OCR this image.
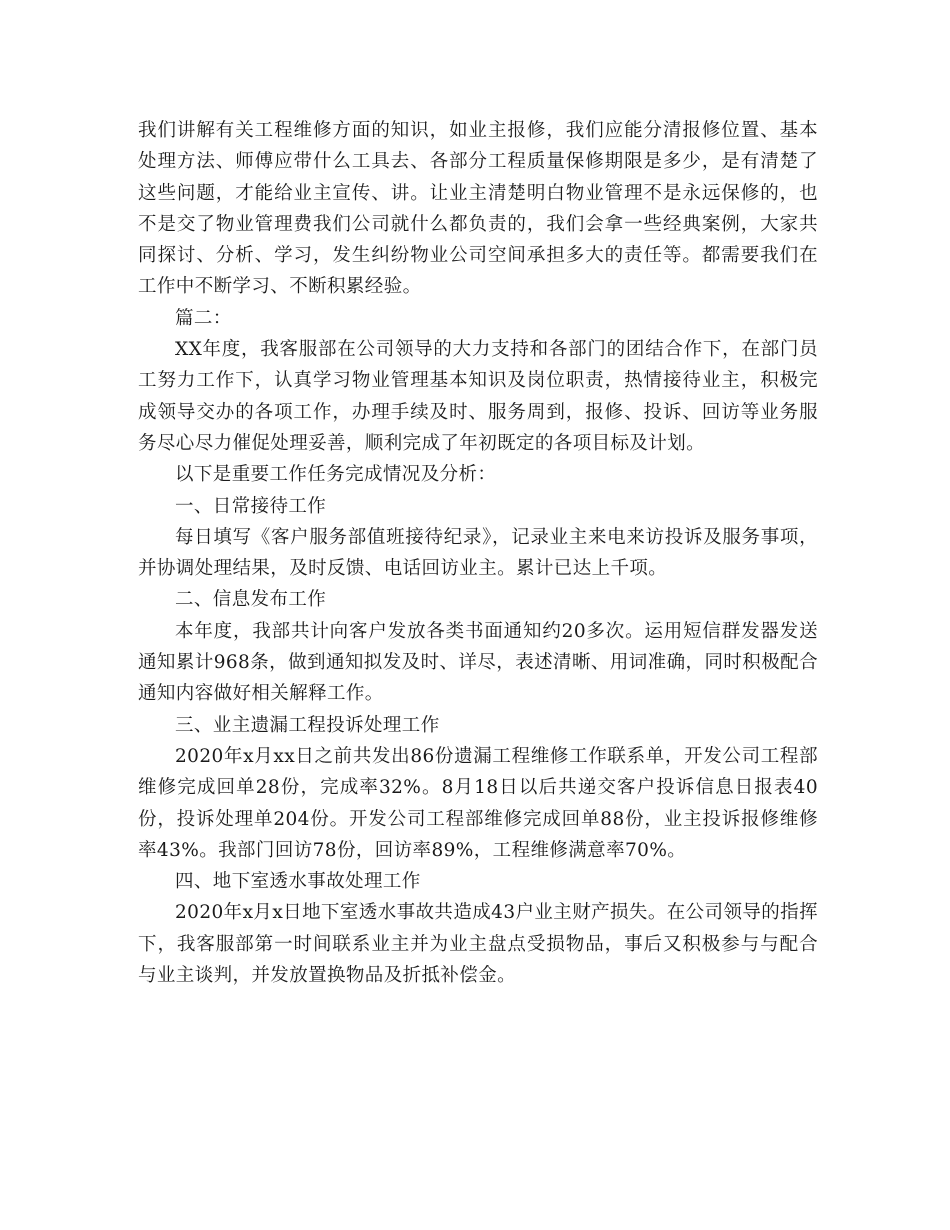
我们讲解有关工程维修方面的知识，如业主报修，我们应能分清报修位置、基本处理方法、师傅应带什么工具去、各部分工程质量保修期限是多少，是有清楚了这些问题，才能给业主宣传、讲。让业主清楚明白物业管理不是永远保修的，也不是交了物业管理费我们公司就什么都负责的，我们会拿一些经典案例，大家共同探讨、分析、学习，发生纠纷物业公司空间承担多大的责任等。都需要我们在工作中不断学习、不断积累经验。

篇二：

XX年度，我客服部在公司领导的大力支持和各部门的团结合作下，在部门员工努力工作下，认真学习物业管理基本知识及岗位职责，热情接待业主，积极完成领导交办的各项工作，办理手续及时、服务周到，报修、投诉、回访等业务服务尽心尽力催促处理妥善，顺利完成了年初既定的各项目标及计划。

以下是重要工作任务完成情况及分析：

一、日常接待工作

每日填写《客户服务部值班接待纪录》，记录业主来电来访投诉及服务事项，并协调处理结果，及时反馈、电话回访业主。累计已达上千项。

二、信息发布工作

本年度，我部共计向客户发放各类书面通知约20多次。运用短信群发器发送通知累计968条，做到通知拟发及时、详尽，表述清晰、用词准确，同时积极配合通知内容做好相关解释工作。

三、业主遗漏工程投诉处理工作

2020年x月xx日之前共发出86份遗漏工程维修工作联系单，开发公司工程部维修完成回单28份，完成率32%。8月18日以后共递交客户投诉信息日报表40份，投诉处理单204份。开发公司工程部维修完成回单88份，业主投诉报修维修率43%。我部门回访78份，回访率89%，工程维修满意率70%。

四、地下室透水事故处理工作

2020年x月x日地下室透水事故共造成43户业主财产损失。在公司领导的指挥下，我客服部第一时间联系业主并为业主盘点受损物品，事后又积极参与与配合与业主谈判，并发放置换物品及折抵补偿金。
